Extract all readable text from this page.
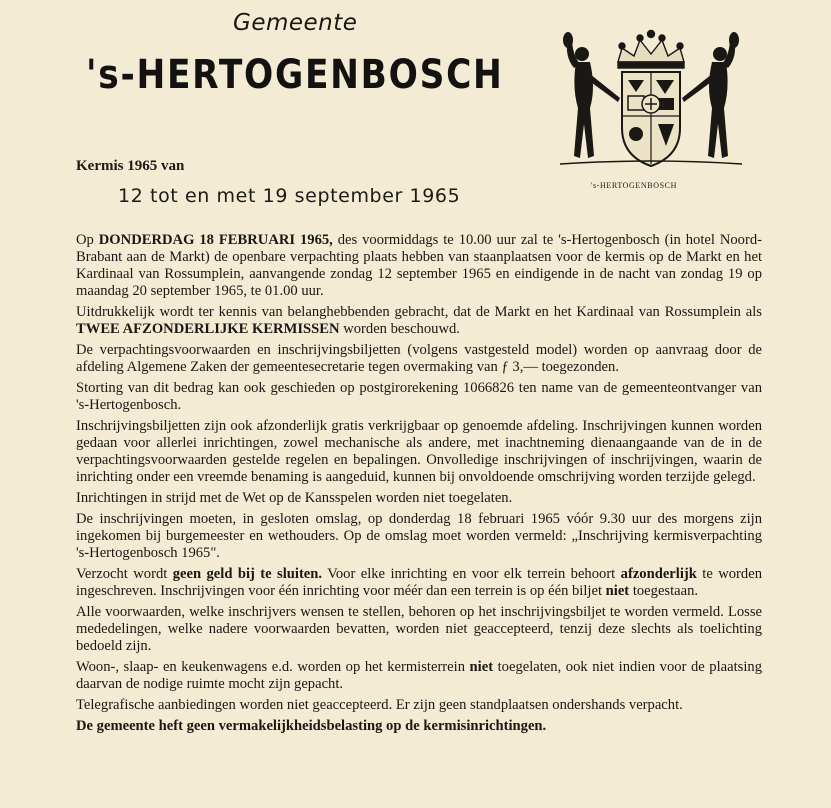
Gemeente
's-HERTOGENBOSCH
Kermis 1965 van
12 tot en met 19 september 1965	's-HERTOGENBOSCH

Op DONDERDAG 18 FEBRUARI 1965, des voormiddags te 10.00 uur zal te 's-Hertogenbosch (in hotel Noord-Brabant aan de Markt) de openbare verpachting plaats hebben van staanplaatsen voor de kermis op de Markt en het Kardinaal van Rossumplein, aanvangende zondag 12 september 1965 en eindigende in de nacht van zondag 19 op maandag 20 september 1965, te 01.00 uur.

Uitdrukkelijk wordt ter kennis van belanghebbenden gebracht, dat de Markt en het Kardinaal van Rossumplein als TWEE AFZONDERLIJKE KERMISSEN worden beschouwd.

De verpachtingsvoorwaarden en inschrijvingsbiljetten (volgens vastgesteld model) worden op aanvraag door de afdeling Algemene Zaken der gemeentesecretarie tegen overmaking van ƒ 3,— toegezonden.

Storting van dit bedrag kan ook geschieden op postgirorekening 1066826 ten name van de gemeenteontvanger van 's-Hertogenbosch.

Inschrijvingsbiljetten zijn ook afzonderlijk gratis verkrijgbaar op genoemde afdeling. Inschrijvingen kunnen worden gedaan voor allerlei inrichtingen, zowel mechanische als andere, met inachtneming dienaangaande van de in de verpachtingsvoorwaarden gestelde regelen en bepalingen. Onvolledige inschrijvingen of inschrijvingen, waarin de inrichting onder een vreemde benaming is aangeduid, kunnen bij onvoldoende omschrijving worden terzijde gelegd.

Inrichtingen in strijd met de Wet op de Kansspelen worden niet toegelaten.

De inschrijvingen moeten, in gesloten omslag, op donderdag 18 februari 1965 vóór 9.30 uur des morgens zijn ingekomen bij burgemeester en wethouders. Op de omslag moet worden vermeld: „Inschrijving kermisverpachting 's-Hertogenbosch 1965".

Verzocht wordt geen geld bij te sluiten. Voor elke inrichting en voor elk terrein behoort afzonderlijk te worden ingeschreven. Inschrijvingen voor één inrichting voor méér dan een terrein is op één biljet niet toegestaan.

Alle voorwaarden, welke inschrijvers wensen te stellen, behoren op het inschrijvingsbiljet te worden vermeld. Losse mededelingen, welke nadere voorwaarden bevatten, worden niet geaccepteerd, tenzij deze slechts als toelichting bedoeld zijn.

Woon-, slaap- en keukenwagens e.d. worden op het kermisterrein niet toegelaten, ook niet indien voor de plaatsing daarvan de nodige ruimte mocht zijn gepacht.

Telegrafische aanbiedingen worden niet geaccepteerd. Er zijn geen standplaatsen ondershands verpacht.

De gemeente heft geen vermakelijkheidsbelasting op de kermisinrichtingen.
